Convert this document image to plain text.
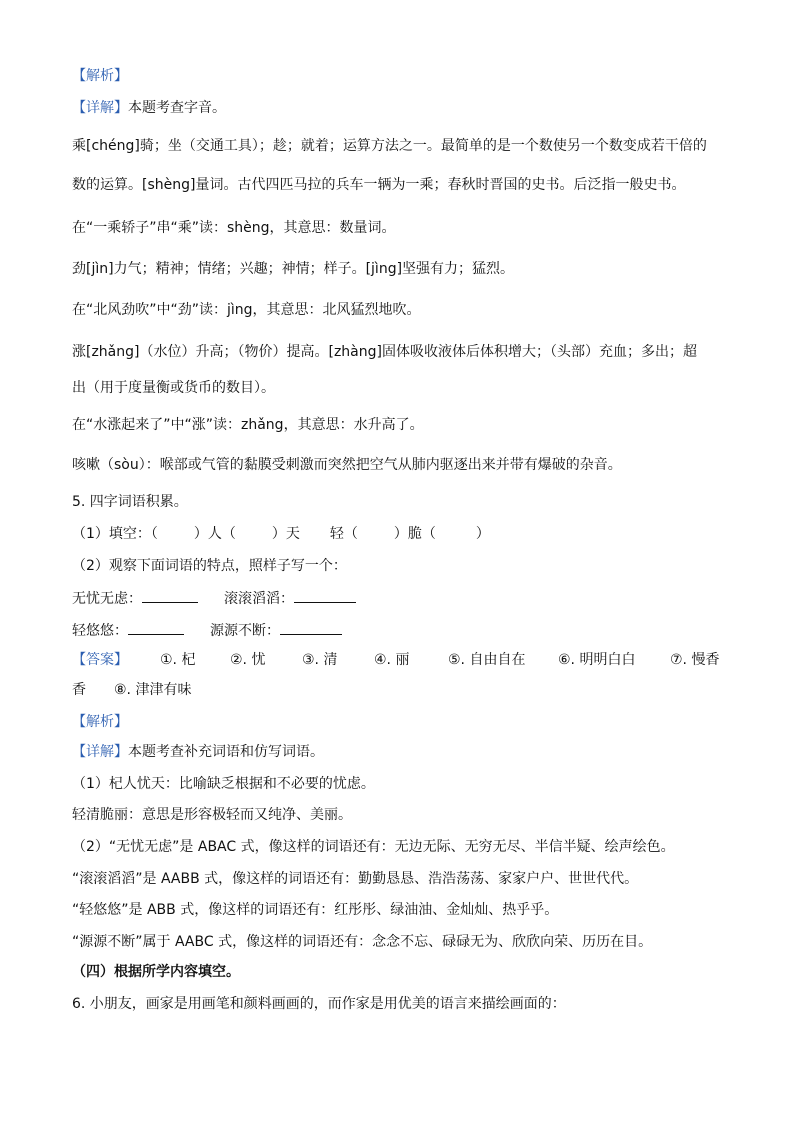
【解析】
【详解】本题考查字音。
乘[chéng]骑；坐（交通工具）；趁；就着；运算方法之一。最简单的是一个数使另一个数变成若干倍的
数的运算。[shèng]量词。古代四匹马拉的兵车一辆为一乘；春秋时晋国的史书。后泛指一般史书。
在“一乘轿子”串“乘”读：shèng，其意思：数量词。
劲[jìn]力气；精神；情绪；兴趣；神情；样子。[jìng]坚强有力；猛烈。
在“北风劲吹”中“劲”读：jìng，其意思：北风猛烈地吹。
涨[zhǎng]（水位）升高；（物价）提高。[zhàng]固体吸收液体后体积增大；（头部）充血；多出；超
出（用于度量衡或货币的数目）。
在“水涨起来了”中“涨”读：zhǎng，其意思：水升高了。
咳嗽（sòu）：喉部或气管的黏膜受刺激而突然把空气从肺内驱逐出来并带有爆破的杂音。
5. 四字词语积累。
（1）填空：（	）人（	）天 轻（	）脆（	）
（2）观察下面词语的特点，照样子写一个：
无忧无虑：	滚滚滔滔：
轻悠悠：	源源不断：
【答案】 ①. 杞 ②. 忧	③. 清	④. 丽	⑤. 自由自在 ⑥. 明明白白 ⑦. 慢香
香 ⑧. 津津有味
【解析】
【详解】本题考查补充词语和仿写词语。
（1）杞人忧天：比喻缺乏根据和不必要的忧虑。
轻清脆丽：意思是形容极轻而又纯净、美丽。
（2）“无忧无虑”是 ABAC 式，像这样的词语还有：无边无际、无穷无尽、半信半疑、绘声绘色。
“滚滚滔滔”是 AABB 式，像这样的词语还有：勤勤恳恳、浩浩荡荡、家家户户、世世代代。
“轻悠悠”是 ABB 式，像这样的词语还有：红彤彤、绿油油、金灿灿、热乎乎。
“源源不断”属于 AABC 式，像这样的词语还有：念念不忘、碌碌无为、欣欣向荣、历历在目。
（四）根据所学内容填空。
6. 小朋友，画家是用画笔和颜料画画的，而作家是用优美的语言来描绘画面的：
